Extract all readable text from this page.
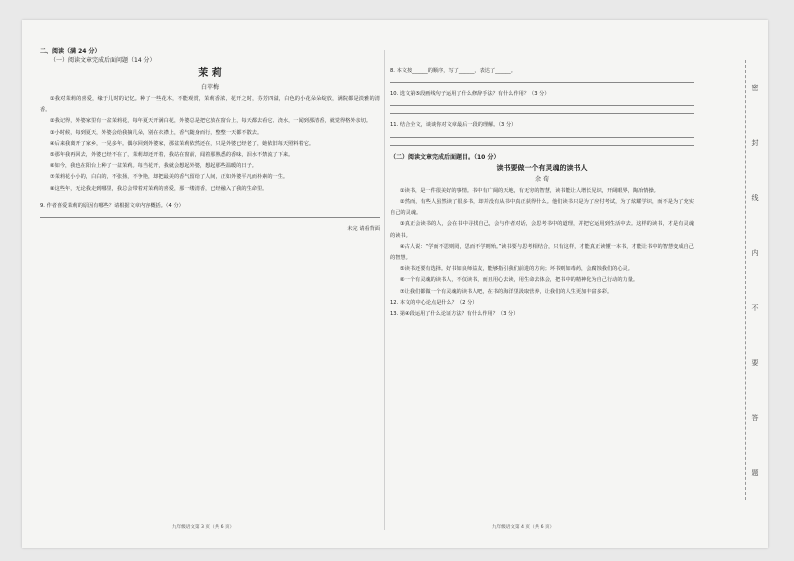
二、阅读（满 24 分）
（一）阅读文章完成后面问题（14 分）
茉 莉
白苹梅

①我对茉莉的喜爱，缘于儿时的记忆。种了一些花木，不能观赏，茉莉香浓，花开之时，芬芳四溢，白色的小花朵朵绽放，满院都是淡雅的清香。

②我记得，外婆家里有一盆茉莉花，每年夏天开满白花，外婆总是把它放在窗台上，每天都去看它、浇水，一闻到那清香，就觉得格外亲切。

③小时候，每到夏天，外婆会给我摘几朵，别在衣襟上，香气随身而行，整整一天都不散去。

④后来我离开了家乡，一晃多年。偶尔回到外婆家，那盆茉莉依然还在，只是外婆已经老了，她依旧每天照料着它。

⑤那年我再回去，外婆已经不在了，茉莉却还开着，我站在窗前，闻着那熟悉的香味，泪水不禁流了下来。

⑥如今，我也在阳台上种了一盆茉莉。每当花开，我就会想起外婆，想起那些温暖的日子。

⑦茉莉花小小的，白白的，不张扬，不争艳，却把最美的香气留给了人间，正如外婆平凡而朴素的一生。

⑧这些年，无论我走到哪里，我总会带着对茉莉的喜爱，那一缕清香，已经融入了我的生命里。

9. 作者喜爱茉莉的原因有哪些？请根据文章内容概括。（4 分）
未完 请看背面
8. 本文按______的顺序，写了______，表达了______。
10. 选文第⑤段画线句子运用了什么修辞手法？有什么作用？（3 分）
11. 结合全文，谈谈你对文章最后一段的理解。（3 分）
（二）阅读文章完成后面题目。（10 分）
读书要做一个有灵魂的读书人
余 荀

①读书，是一件很美好的事情。书中有广阔的天地，有无穷的智慧，读书能让人增长见识，开阔眼界，陶冶情操。

②然而，有些人虽然读了很多书，却并没有从书中真正获得什么。他们读书只是为了应付考试，为了炫耀学识，而不是为了充实自己的灵魂。

③真正会读书的人，会在书中寻找自己，会与作者对话，会思考书中的道理，并把它运用到生活中去。这样的读书，才是有灵魂的读书。

④古人说：“学而不思则罔，思而不学则殆。”读书要与思考相结合，只有这样，才能真正读懂一本书，才能让书中的智慧变成自己的智慧。

⑤读书还要有选择。好书如良师益友，能够指引我们前进的方向；坏书则如毒药，会腐蚀我们的心灵。

⑥一个有灵魂的读书人，不仅读书，而且用心去读，用生命去体会，把书中的精神化为自己行动的力量。

⑦让我们都做一个有灵魂的读书人吧，在书的海洋里汲取营养，让我们的人生更加丰富多彩。

12. 本文的中心论点是什么？（2 分）
13. 第④段运用了什么论证方法？有什么作用？（3 分）
九年级语文第 3 页（共 6 页）	九年级语文第 4 页（共 6 页）
密
封
线
内
不
要
答
题
